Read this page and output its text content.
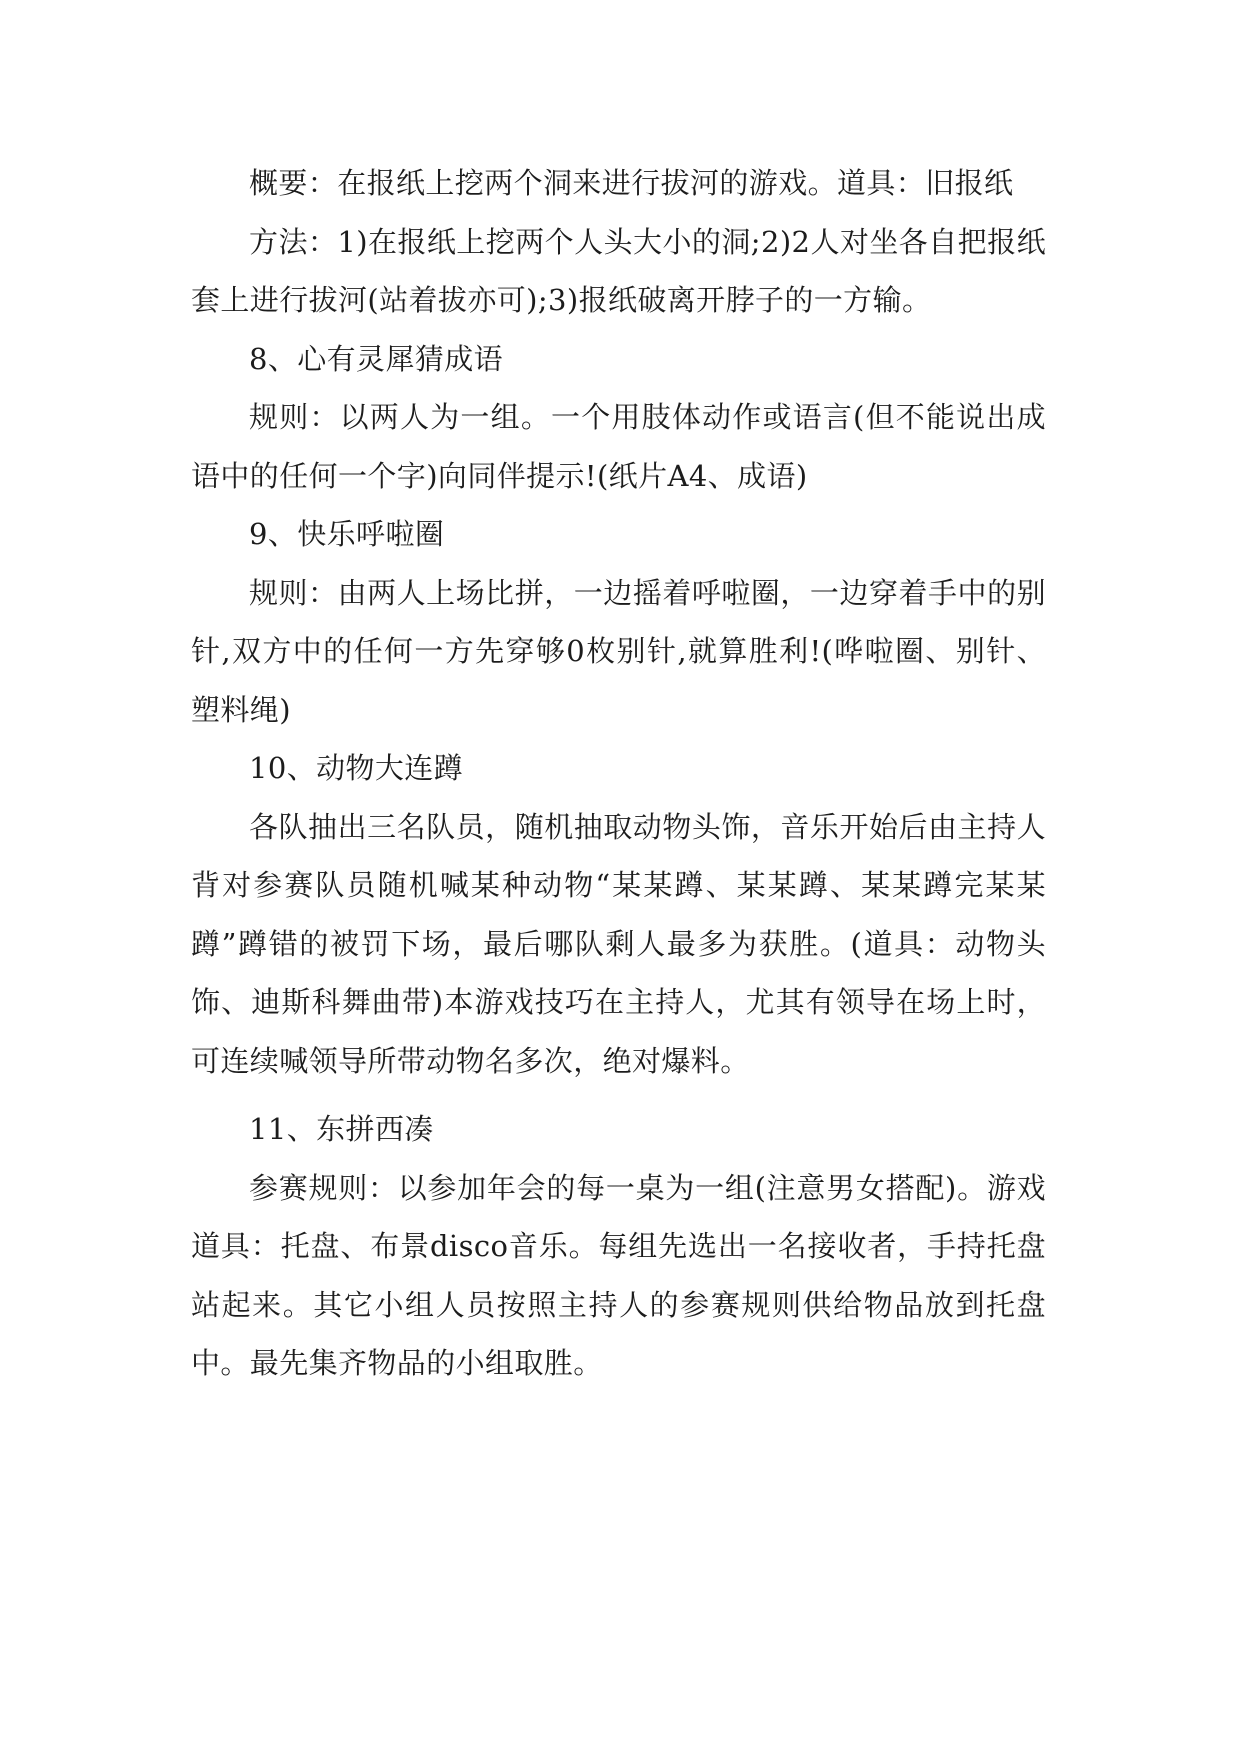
概要：在报纸上挖两个洞来进行拔河的游戏。道具：旧报纸

方法：1)在报纸上挖两个人头大小的洞;2)2人对坐各自把报纸套上进行拔河(站着拔亦可);3)报纸破离开脖子的一方输。

8、心有灵犀猜成语

规则：以两人为一组。一个用肢体动作或语言(但不能说出成语中的任何一个字)向同伴提示!(纸片A4、成语)

9、快乐呼啦圈

规则：由两人上场比拼，一边摇着呼啦圈，一边穿着手中的别针,双方中的任何一方先穿够0枚别针,就算胜利!(哗啦圈、别针、塑料绳)

10、动物大连蹲

各队抽出三名队员，随机抽取动物头饰，音乐开始后由主持人背对参赛队员随机喊某种动物“某某蹲、某某蹲、某某蹲完某某蹲”蹲错的被罚下场，最后哪队剩人最多为获胜。(道具：动物头饰、迪斯科舞曲带)本游戏技巧在主持人，尤其有领导在场上时，可连续喊领导所带动物名多次，绝对爆料。

11、东拼西凑

参赛规则：以参加年会的每一桌为一组(注意男女搭配)。游戏道具：托盘、布景disco音乐。每组先选出一名接收者，手持托盘站起来。其它小组人员按照主持人的参赛规则供给物品放到托盘中。最先集齐物品的小组取胜。
